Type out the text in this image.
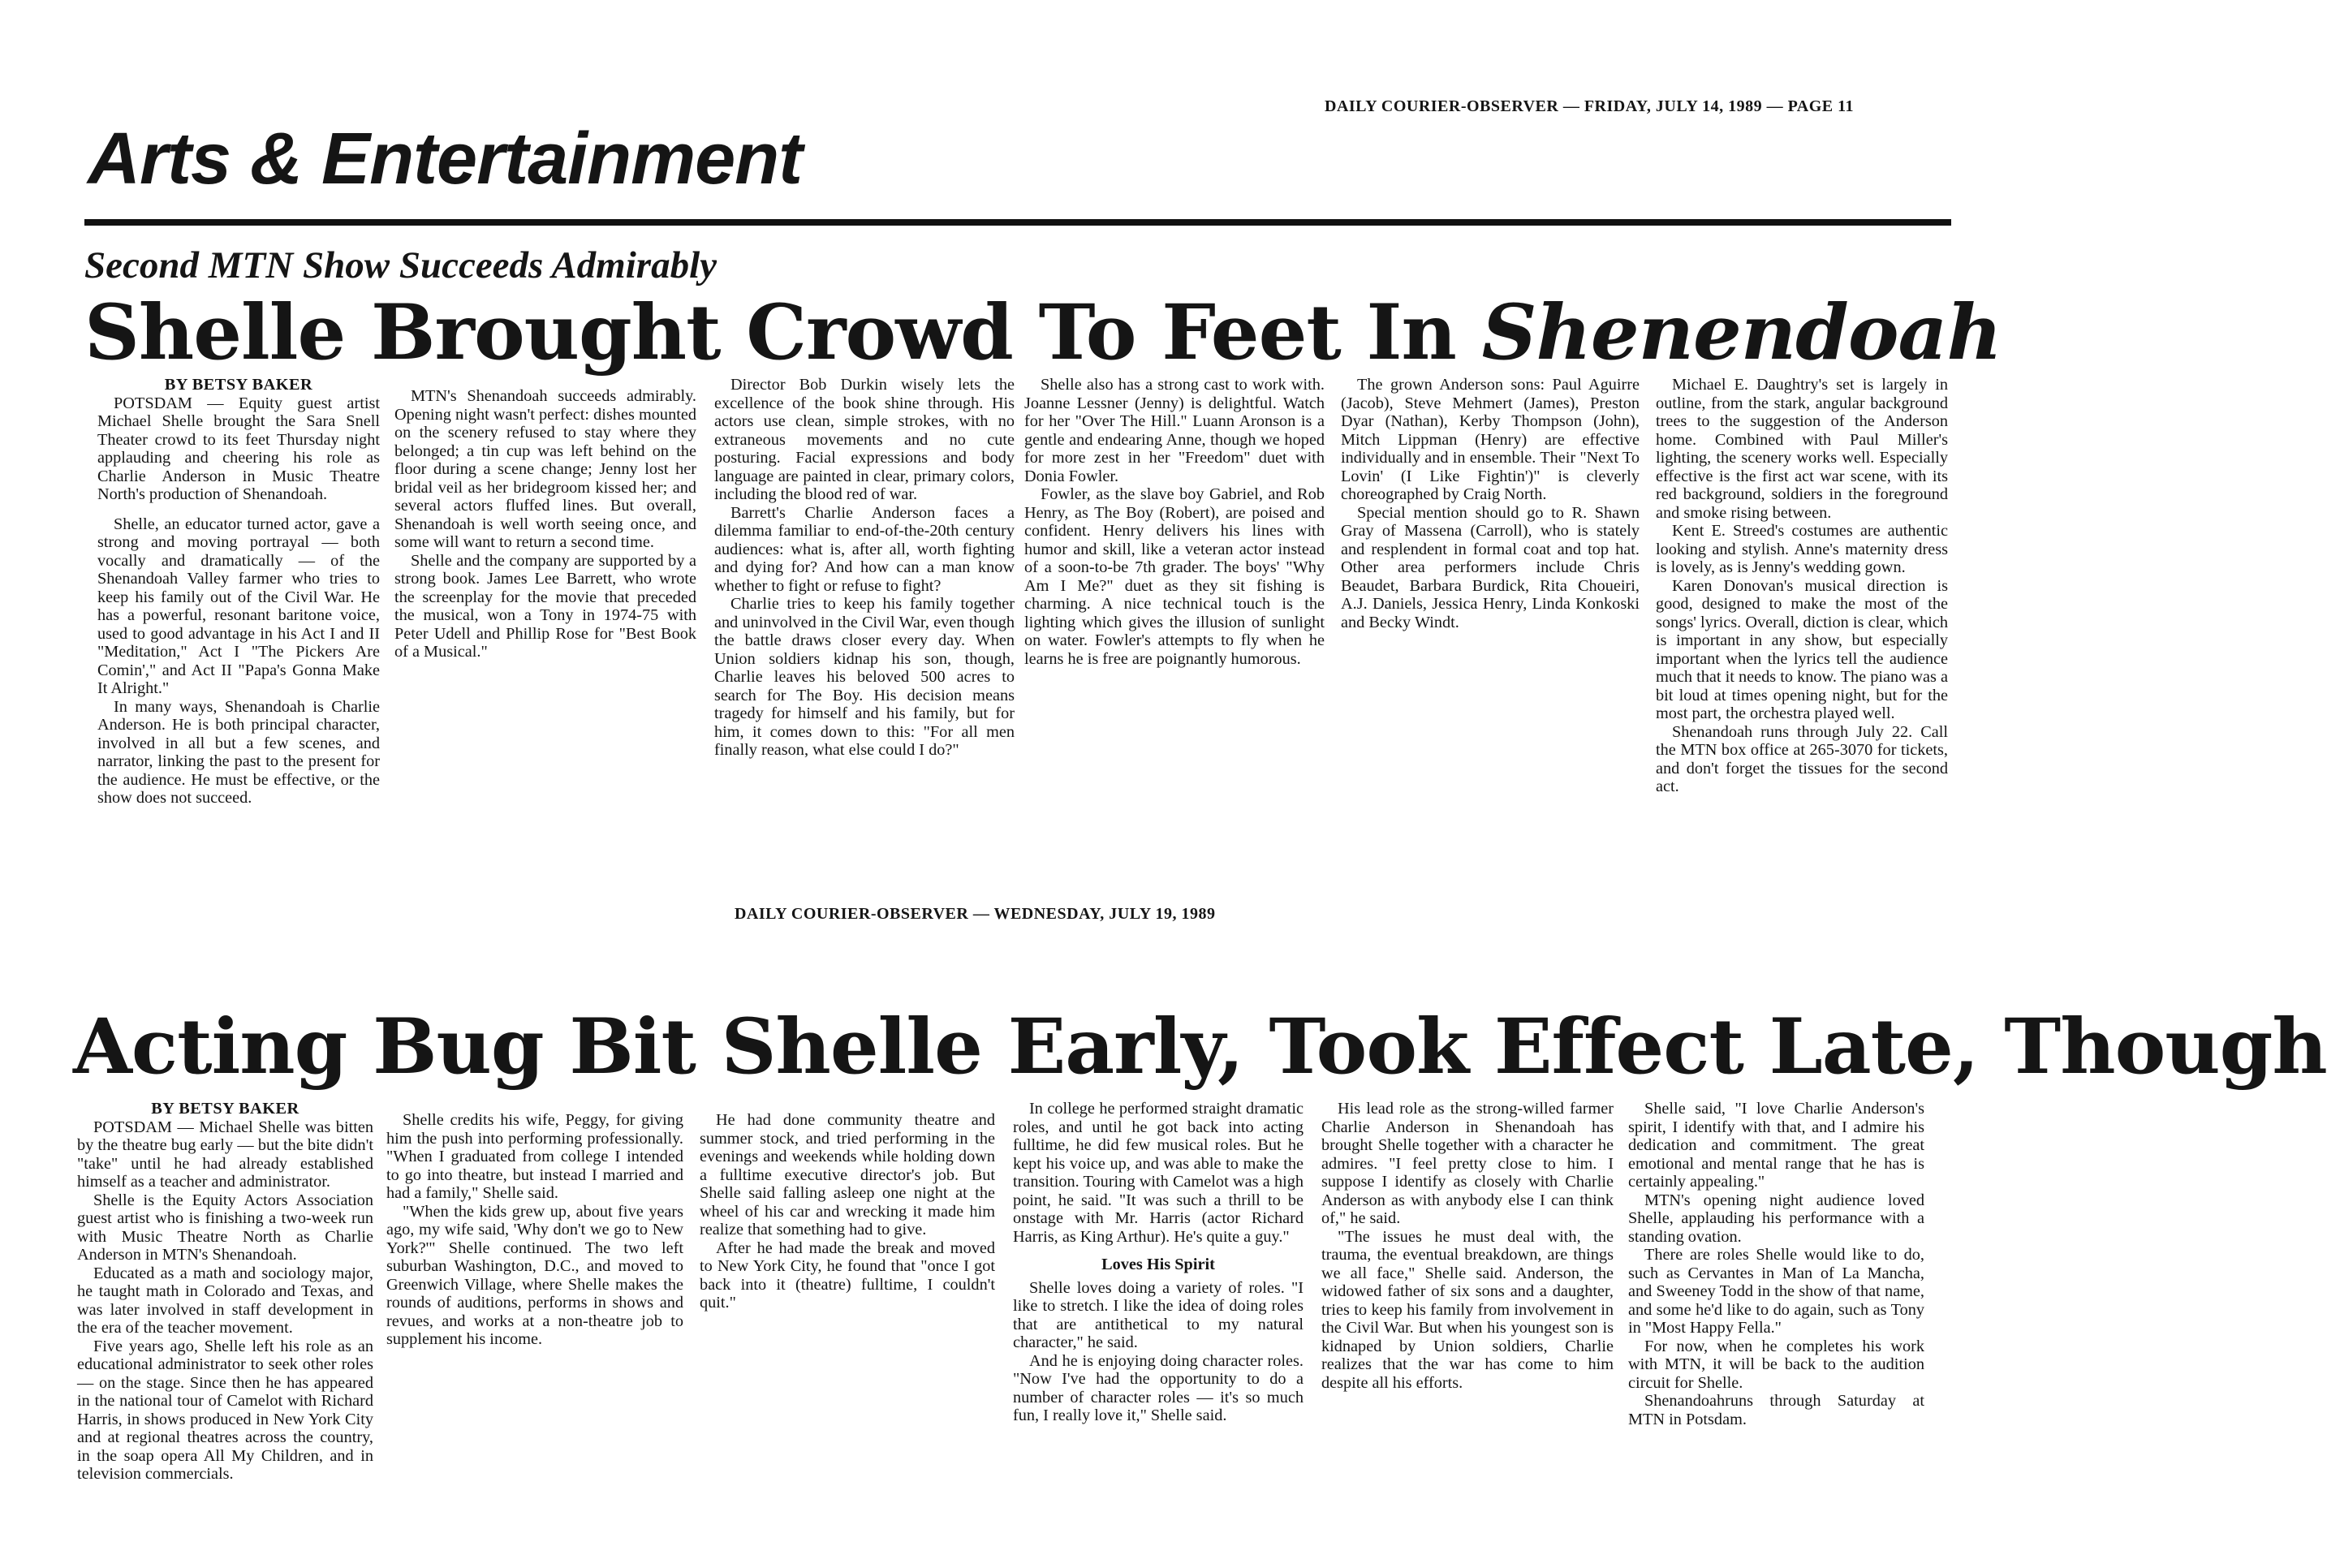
DAILY COURIER-OBSERVER — FRIDAY, JULY 14, 1989 — PAGE 11
Arts & Entertainment
Second MTN Show Succeeds Admirably
Shelle Brought Crowd To Feet In Shenendoah

BY BETSY BAKER

POTSDAM — Equity guest artist Michael Shelle brought the Sara Snell Theater crowd to its feet Thursday night applauding and cheering his role as Charlie Anderson in Music Theatre North's production of Shenandoah.

Shelle, an educator turned actor, gave a strong and moving portrayal — both vocally and dramatically — of the Shenandoah Valley farmer who tries to keep his family out of the Civil War. He has a powerful, resonant baritone voice, used to good advantage in his Act I and II "Meditation," Act I "The Pickers Are Comin'," and Act II "Papa's Gonna Make It Alright."

In many ways, Shenandoah is Charlie Anderson. He is both principal character, involved in all but a few scenes, and narrator, linking the past to the present for the audience. He must be effective, or the show does not succeed.

MTN's Shenandoah succeeds admirably. Opening night wasn't perfect: dishes mounted on the scenery refused to stay where they belonged; a tin cup was left behind on the floor during a scene change; Jenny lost her bridal veil as her bridegroom kissed her; and several actors fluffed lines. But overall, Shenandoah is well worth seeing once, and some will want to return a second time.

Shelle and the company are supported by a strong book. James Lee Barrett, who wrote the screenplay for the movie that preceded the musical, won a Tony in 1974-75 with Peter Udell and Phillip Rose for "Best Book of a Musical."

Director Bob Durkin wisely lets the excellence of the book shine through. His actors use clean, simple strokes, with no extraneous movements and no cute posturing. Facial expressions and body language are painted in clear, primary colors, including the blood red of war.

Barrett's Charlie Anderson faces a dilemma familiar to end-of-the-20th century audiences: what is, after all, worth fighting and dying for? And how can a man know whether to fight or refuse to fight?

Charlie tries to keep his family together and uninvolved in the Civil War, even though the battle draws closer every day. When Union soldiers kidnap his son, though, Charlie leaves his beloved 500 acres to search for The Boy. His decision means tragedy for himself and his family, but for him, it comes down to this: "For all men finally reason, what else could I do?"

Shelle also has a strong cast to work with. Joanne Lessner (Jenny) is delightful. Watch for her "Over The Hill." Luann Aronson is a gentle and endearing Anne, though we hoped for more zest in her "Freedom" duet with Donia Fowler.

Fowler, as the slave boy Gabriel, and Rob Henry, as The Boy (Robert), are poised and confident. Henry delivers his lines with humor and skill, like a veteran actor instead of a soon-to-be 7th grader. The boys' "Why Am I Me?" duet as they sit fishing is charming. A nice technical touch is the lighting which gives the illusion of sunlight on water. Fowler's attempts to fly when he learns he is free are poignantly humorous.

The grown Anderson sons: Paul Aguirre (Jacob), Steve Mehmert (James), Preston Dyar (Nathan), Kerby Thompson (John), Mitch Lippman (Henry) are effective individually and in ensemble. Their "Next To Lovin' (I Like Fightin')" is cleverly choreographed by Craig North.

Special mention should go to R. Shawn Gray of Massena (Carroll), who is stately and resplendent in formal coat and top hat. Other area performers include Chris Beaudet, Barbara Burdick, Rita Choueiri, A.J. Daniels, Jessica Henry, Linda Konkoski and Becky Windt.

Michael E. Daughtry's set is largely in outline, from the stark, angular background trees to the suggestion of the Anderson home. Combined with Paul Miller's lighting, the scenery works well. Especially effective is the first act war scene, with its red background, soldiers in the foreground and smoke rising between.

Kent E. Streed's costumes are authentic looking and stylish. Anne's maternity dress is lovely, as is Jenny's wedding gown.

Karen Donovan's musical direction is good, designed to make the most of the songs' lyrics. Overall, diction is clear, which is important in any show, but especially important when the lyrics tell the audience much that it needs to know. The piano was a bit loud at times opening night, but for the most part, the orchestra played well.

Shenandoah runs through July 22. Call the MTN box office at 265-3070 for tickets, and don't forget the tissues for the second act.

DAILY COURIER-OBSERVER — WEDNESDAY, JULY 19, 1989
Acting Bug Bit Shelle Early, Took Effect Late, Though

BY BETSY BAKER

POTSDAM — Michael Shelle was bitten by the theatre bug early — but the bite didn't "take" until he had already established himself as a teacher and administrator.

Shelle is the Equity Actors Association guest artist who is finishing a two-week run with Music Theatre North as Charlie Anderson in MTN's Shenandoah.

Educated as a math and sociology major, he taught math in Colorado and Texas, and was later involved in staff development in the era of the teacher movement.

Five years ago, Shelle left his role as an educational administrator to seek other roles — on the stage. Since then he has appeared in the national tour of Camelot with Richard Harris, in shows produced in New York City and at regional theatres across the country, in the soap opera All My Children, and in television commercials.

Shelle credits his wife, Peggy, for giving him the push into performing professionally. "When I graduated from college I intended to go into theatre, but instead I married and had a family," Shelle said.

"When the kids grew up, about five years ago, my wife said, 'Why don't we go to New York?'" Shelle continued. The two left suburban Washington, D.C., and moved to Greenwich Village, where Shelle makes the rounds of auditions, performs in shows and revues, and works at a non-theatre job to supplement his income.

He had done community theatre and summer stock, and tried performing in the evenings and weekends while holding down a fulltime executive director's job. But Shelle said falling asleep one night at the wheel of his car and wrecking it made him realize that something had to give.

After he had made the break and moved to New York City, he found that "once I got back into it (theatre) fulltime, I couldn't quit."

In college he performed straight dramatic roles, and until he got back into acting fulltime, he did few musical roles. But he kept his voice up, and was able to make the transition. Touring with Camelot was a high point, he said. "It was such a thrill to be onstage with Mr. Harris (actor Richard Harris, as King Arthur). He's quite a guy."

Loves His Spirit

Shelle loves doing a variety of roles. "I like to stretch. I like the idea of doing roles that are antithetical to my natural character," he said.

And he is enjoying doing character roles. "Now I've had the opportunity to do a number of character roles — it's so much fun, I really love it," Shelle said.

His lead role as the strong-willed farmer Charlie Anderson in Shenandoah has brought Shelle together with a character he admires. "I feel pretty close to him. I suppose I identify as closely with Charlie Anderson as with anybody else I can think of," he said.

"The issues he must deal with, the trauma, the eventual breakdown, are things we all face," Shelle said. Anderson, the widowed father of six sons and a daughter, tries to keep his family from involvement in the Civil War. But when his youngest son is kidnaped by Union soldiers, Charlie realizes that the war has come to him despite all his efforts.

Shelle said, "I love Charlie Anderson's spirit, I identify with that, and I admire his dedication and commitment. The great emotional and mental range that he has is certainly appealing."

MTN's opening night audience loved Shelle, applauding his performance with a standing ovation.

There are roles Shelle would like to do, such as Cervantes in Man of La Mancha, and Sweeney Todd in the show of that name, and some he'd like to do again, such as Tony in "Most Happy Fella."

For now, when he completes his work with MTN, it will be back to the audition circuit for Shelle.

Shenandoahruns through Saturday at MTN in Potsdam.
